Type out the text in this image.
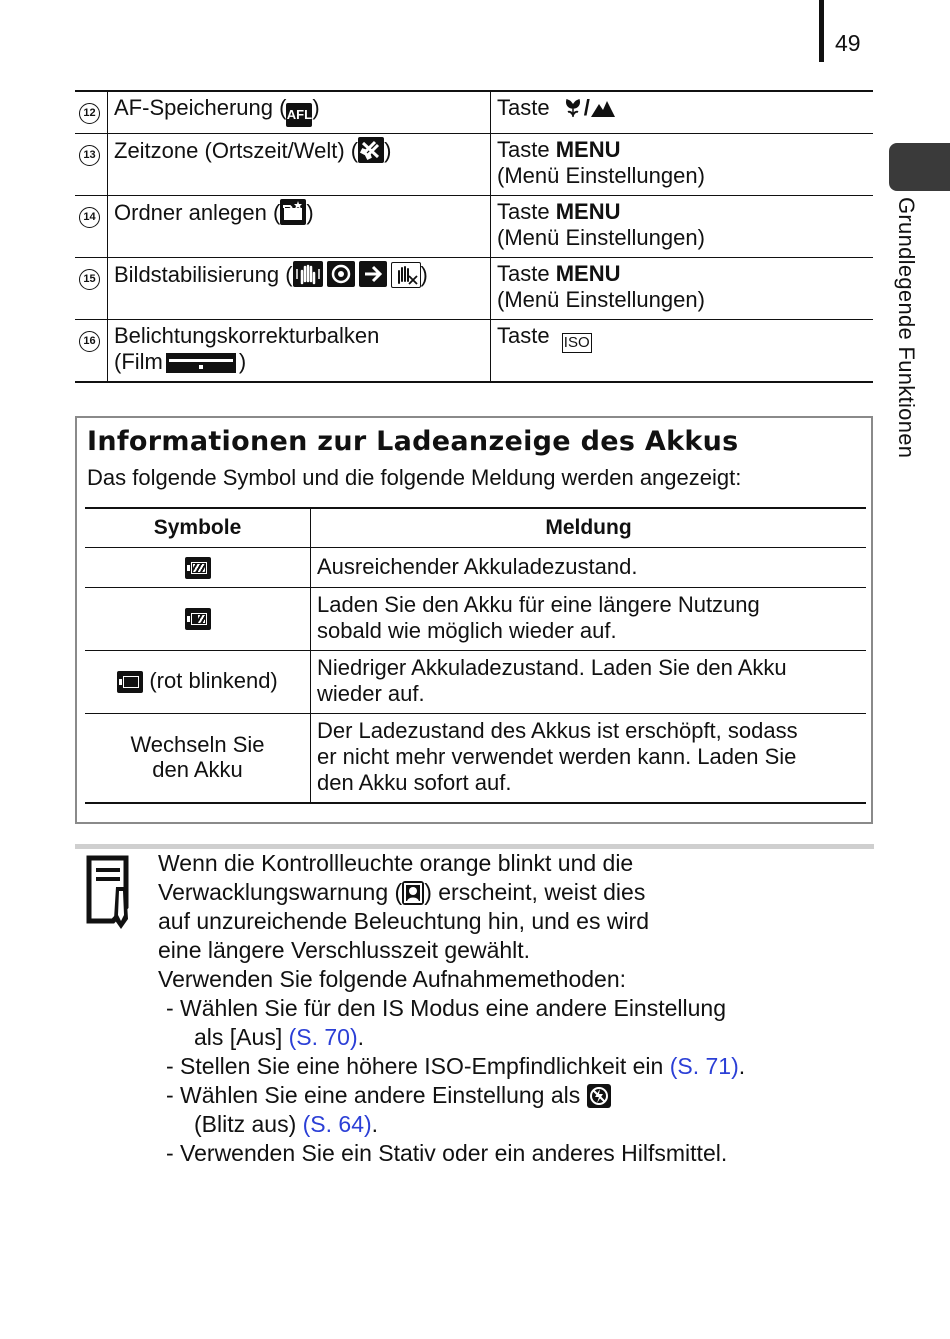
49
Grundlegende Funktionen
12	AF-Speicherung (AFL)	Taste /
13	Zeitzone (Ortszeit/Welt) ( )	Taste MENU
(Menü Einstellungen)
14	Ordner anlegen ( )	Taste MENU
(Menü Einstellungen)
15	Bildstabilisierung ( )	Taste MENU
(Menü Einstellungen)
16	Belichtungskorrekturbalken
(Film )	Taste ISO
Informationen zur Ladeanzeige des Akkus
Das folgende Symbol und die folgende Meldung werden angezeigt:
Symbole	Meldung

	Ausreichender Akkuladezustand.

	Laden Sie den Akku für eine längere Nutzung
sobald wie möglich wieder auf.

(rot blinkend)	Niedriger Akkuladezustand. Laden Sie den Akku
wieder auf.
Wechseln Sie
den Akku	Der Ladezustand des Akkus ist erschöpft, sodass
er nicht mehr verwendet werden kann. Laden Sie
den Akku sofort auf.
Wenn die Kontrollleuchte orange blinkt und die
Verwacklungswarnung ( ) erscheint, weist dies
auf unzureichende Beleuchtung hin, und es wird
eine längere Verschlusszeit gewählt.
Verwenden Sie folgende Aufnahmemethoden:
- Wählen Sie für den IS Modus eine andere Einstellung
als [Aus] (S. 70).
- Stellen Sie eine höhere ISO-Empfindlichkeit ein (S. 71).
- Wählen Sie eine andere Einstellung als
(Blitz aus) (S. 64).
- Verwenden Sie ein Stativ oder ein anderes Hilfsmittel.
